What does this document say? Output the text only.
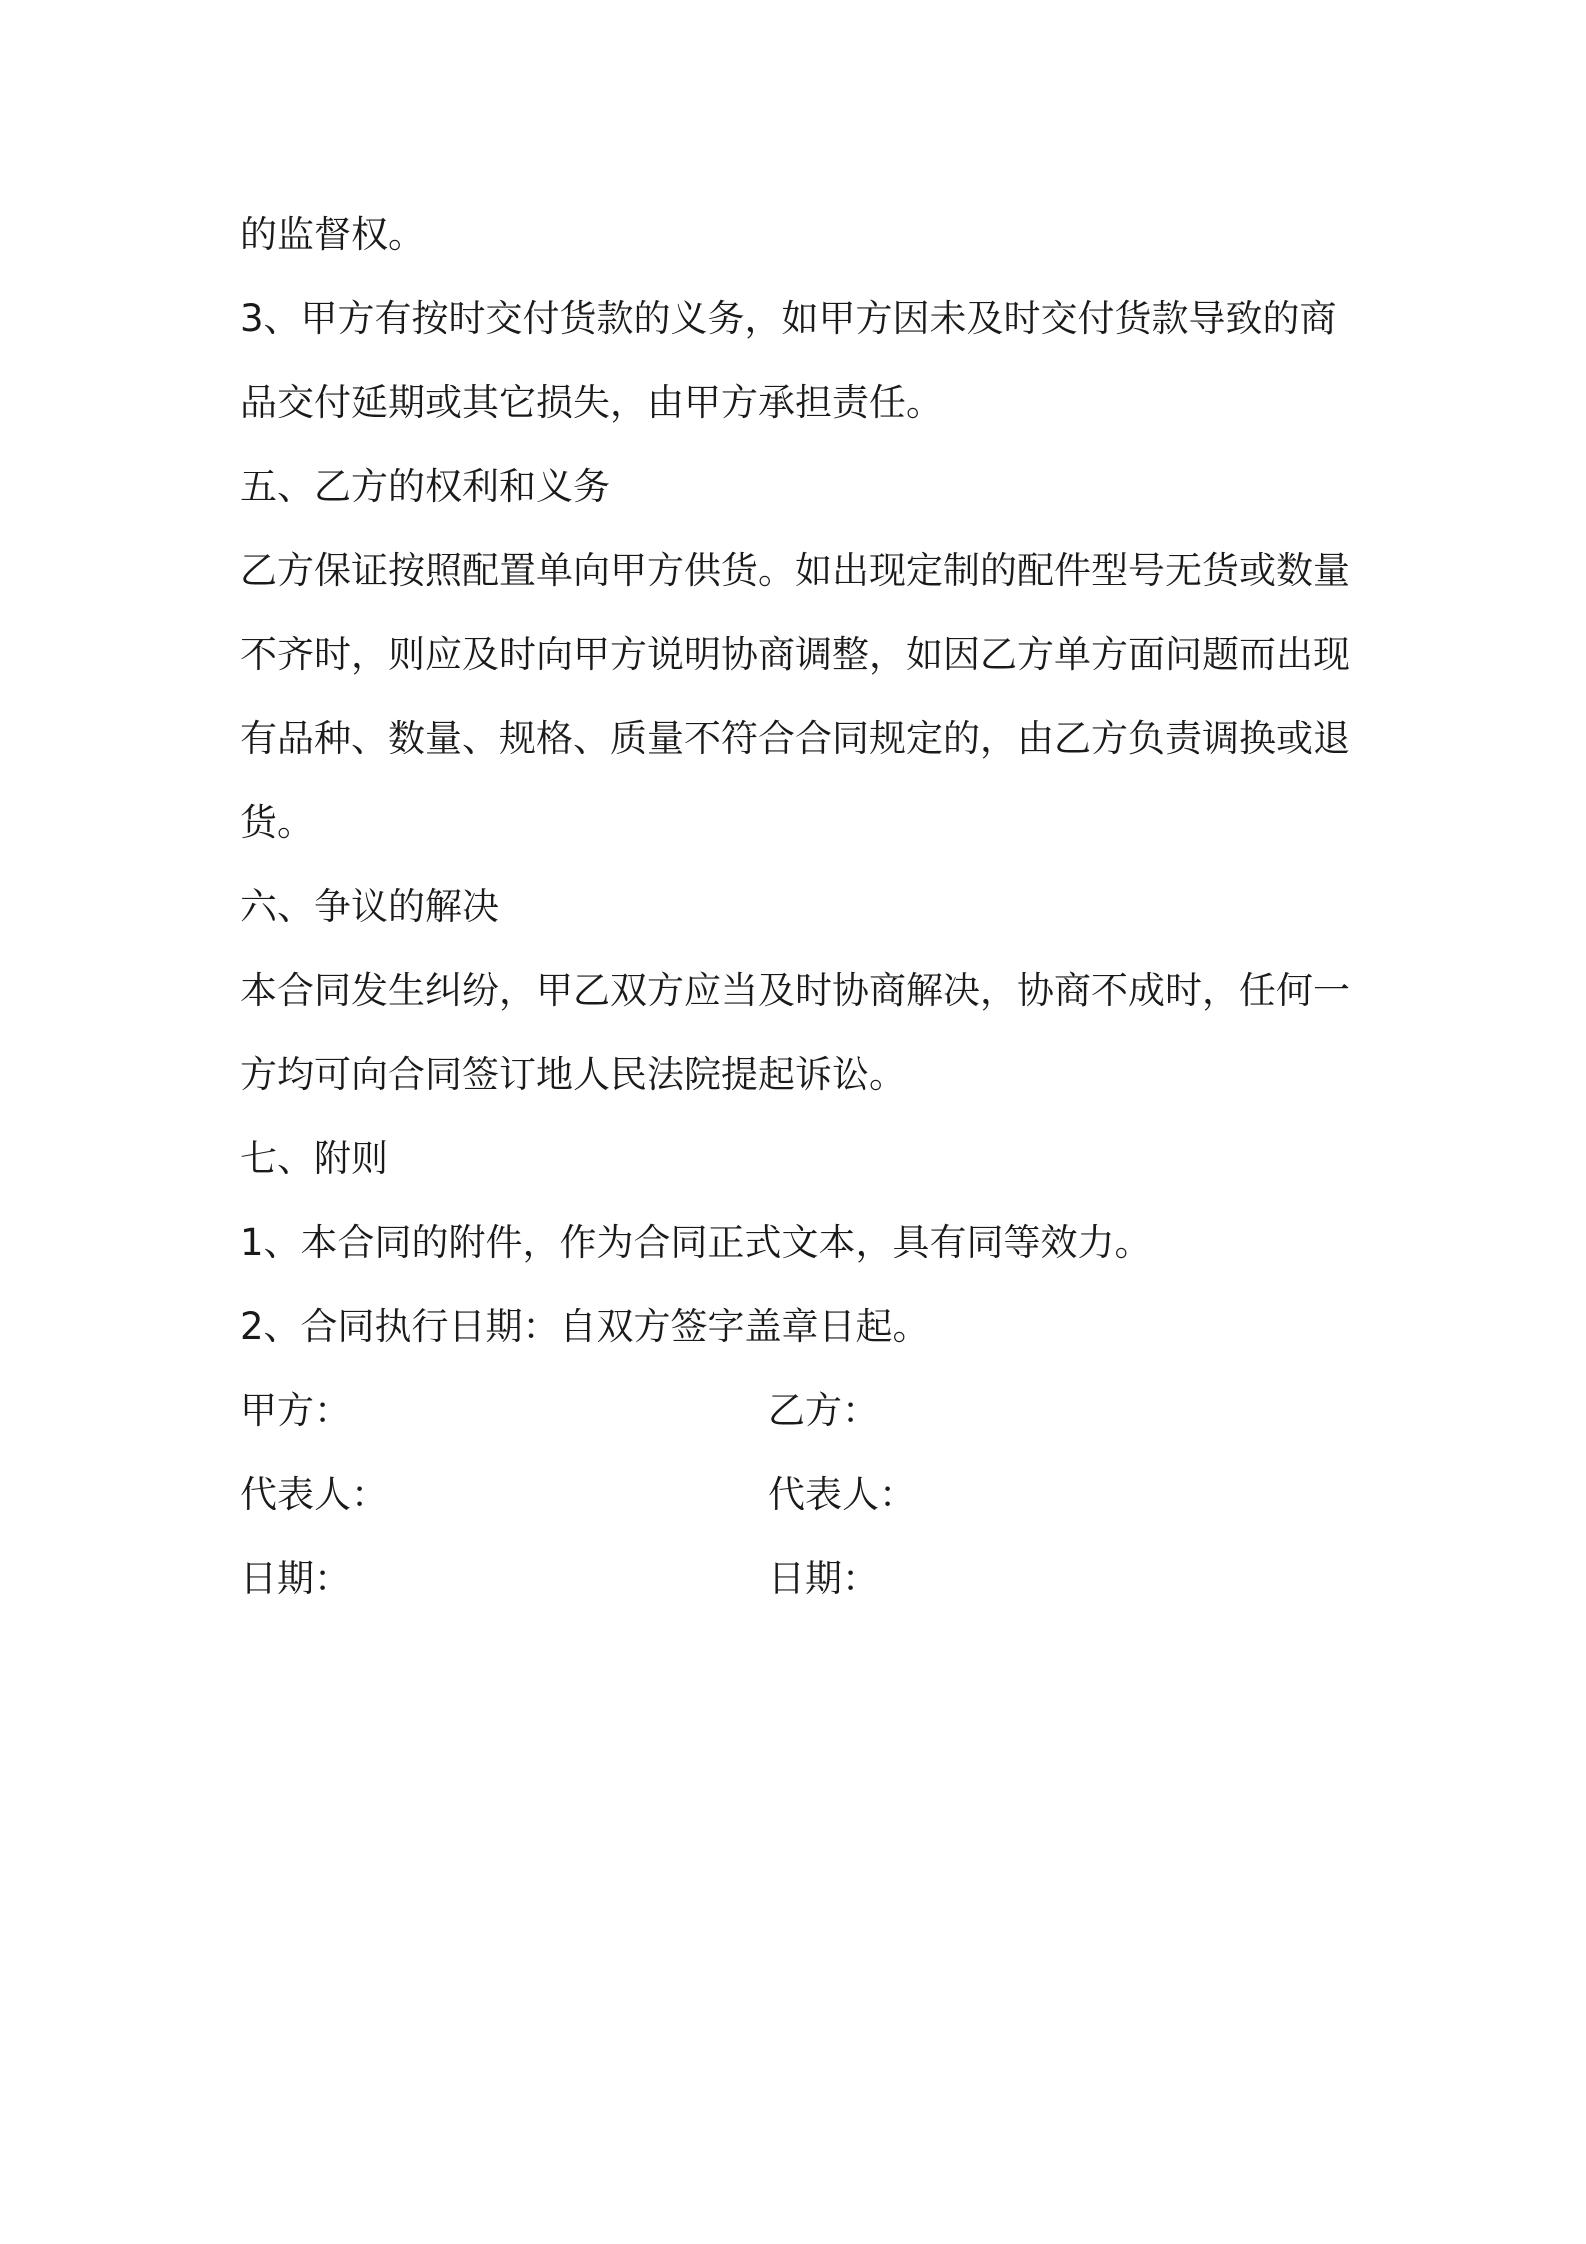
的监督权。
3、甲方有按时交付货款的义务，如甲方因未及时交付货款导致的商
品交付延期或其它损失，由甲方承担责任。
五、乙方的权利和义务
乙方保证按照配置单向甲方供货。如出现定制的配件型号无货或数量
不齐时，则应及时向甲方说明协商调整，如因乙方单方面问题而出现
有品种、数量、规格、质量不符合合同规定的，由乙方负责调换或退
货。
六、争议的解决
本合同发生纠纷，甲乙双方应当及时协商解决，协商不成时，任何一
方均可向合同签订地人民法院提起诉讼。
七、附则
1、本合同的附件，作为合同正式文本，具有同等效力。
2、合同执行日期：自双方签字盖章日起。
甲方：	乙方：
代表人：	代表人：
日期：	日期：
